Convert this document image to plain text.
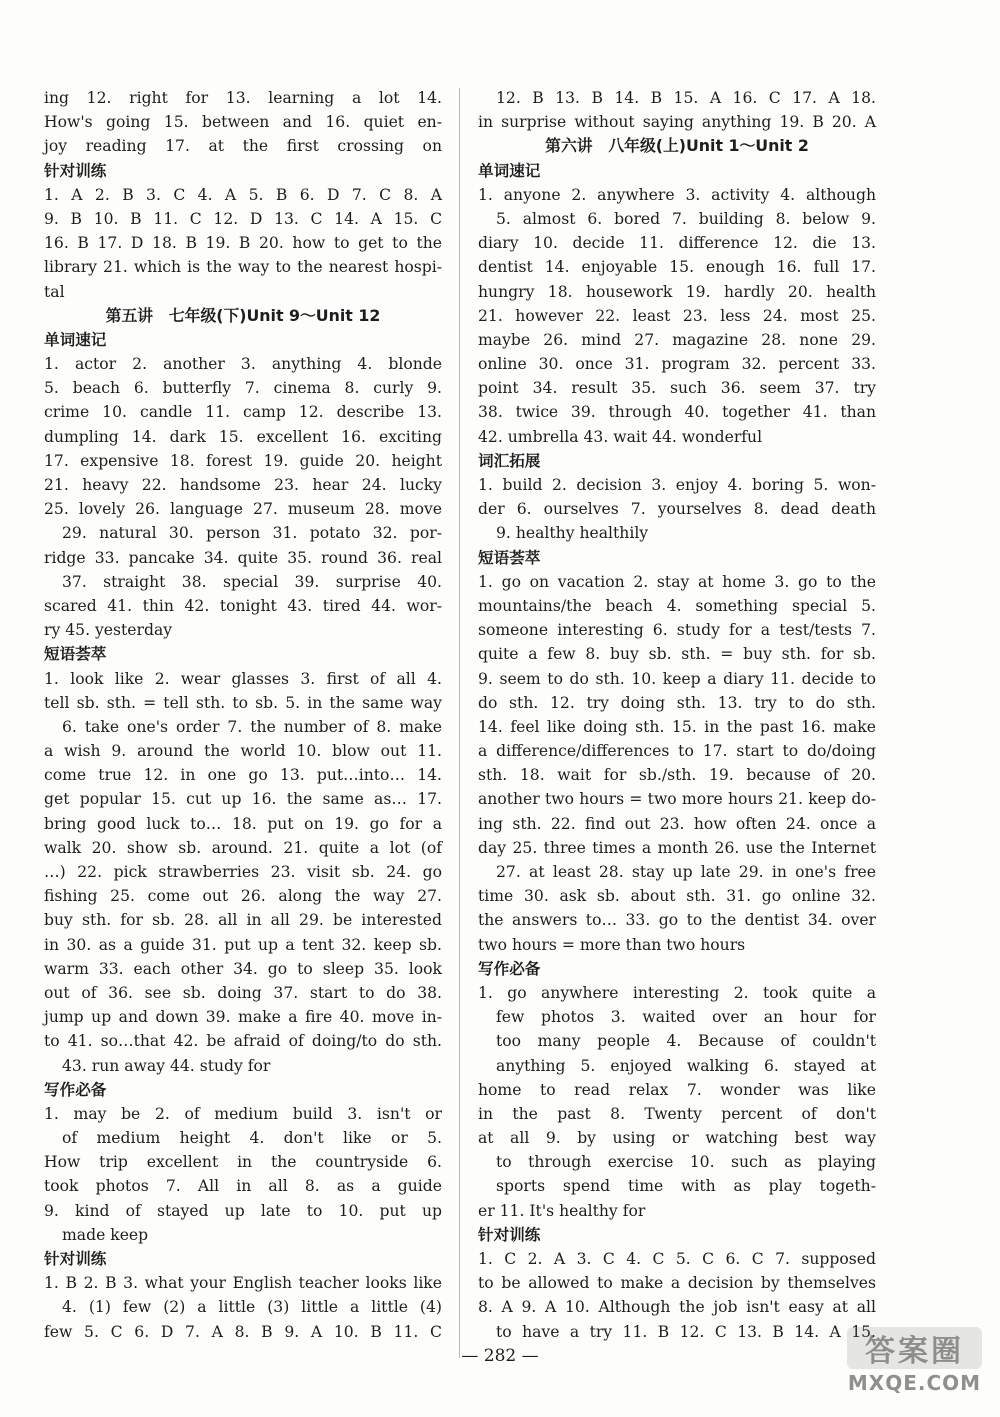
ing 12. right for 13. learning a lot 14.
How's going 15. between and 16. quiet en-
joy reading 17. at the first crossing on
针对训练
1. A 2. B 3. C 4. A 5. B 6. D 7. C 8. A
9. B 10. B 11. C 12. D 13. C 14. A 15. C
16. B 17. D 18. B 19. B 20. how to get to the
library 21. which is the way to the nearest hospi-
tal
第五讲　七年级(下)Unit 9～Unit 12
单词速记
1. actor 2. another 3. anything 4. blonde
5. beach 6. butterfly 7. cinema 8. curly 9.
crime 10. candle 11. camp 12. describe 13.
dumpling 14. dark 15. excellent 16. exciting
17. expensive 18. forest 19. guide 20. height
21. heavy 22. handsome 23. hear 24. lucky
25. lovely 26. language 27. museum 28. move
29. natural 30. person 31. potato 32. por-
ridge 33. pancake 34. quite 35. round 36. real
37. straight 38. special 39. surprise 40.
scared 41. thin 42. tonight 43. tired 44. wor-
ry 45. yesterday
短语荟萃
1. look like 2. wear glasses 3. first of all 4.
tell sb. sth. = tell sth. to sb. 5. in the same way
6. take one's order 7. the number of 8. make
a wish 9. around the world 10. blow out 11.
come true 12. in one go 13. put…into… 14.
get popular 15. cut up 16. the same as… 17.
bring good luck to… 18. put on 19. go for a
walk 20. show sb. around. 21. quite a lot (of
…) 22. pick strawberries 23. visit sb. 24. go
fishing 25. come out 26. along the way 27.
buy sth. for sb. 28. all in all 29. be interested
in 30. as a guide 31. put up a tent 32. keep sb.
warm 33. each other 34. go to sleep 35. look
out of 36. see sb. doing 37. start to do 38.
jump up and down 39. make a fire 40. move in-
to 41. so…that 42. be afraid of doing/to do sth.
43. run away 44. study for
写作必备
1. may be 2. of medium build 3. isn't or
of medium height 4. don't like or 5.
How trip excellent in the countryside 6.
took photos 7. All in all 8. as a guide
9. kind of stayed up late to 10. put up
made keep
针对训练
1. B 2. B 3. what your English teacher looks like
4. (1) few (2) a little (3) little a little (4)
few 5. C 6. D 7. A 8. B 9. A 10. B 11. C
12. B 13. B 14. B 15. A 16. C 17. A 18.
in surprise without saying anything 19. B 20. A
第六讲　八年级(上)Unit 1～Unit 2
单词速记
1. anyone 2. anywhere 3. activity 4. although
5. almost 6. bored 7. building 8. below 9.
diary 10. decide 11. difference 12. die 13.
dentist 14. enjoyable 15. enough 16. full 17.
hungry 18. housework 19. hardly 20. health
21. however 22. least 23. less 24. most 25.
maybe 26. mind 27. magazine 28. none 29.
online 30. once 31. program 32. percent 33.
point 34. result 35. such 36. seem 37. try
38. twice 39. through 40. together 41. than
42. umbrella 43. wait 44. wonderful
词汇拓展
1. build 2. decision 3. enjoy 4. boring 5. won-
der 6. ourselves 7. yourselves 8. dead death
9. healthy healthily
短语荟萃
1. go on vacation 2. stay at home 3. go to the
mountains/the beach 4. something special 5.
someone interesting 6. study for a test/tests 7.
quite a few 8. buy sb. sth. = buy sth. for sb.
9. seem to do sth. 10. keep a diary 11. decide to
do sth. 12. try doing sth. 13. try to do sth.
14. feel like doing sth. 15. in the past 16. make
a difference/differences to 17. start to do/doing
sth. 18. wait for sb./sth. 19. because of 20.
another two hours = two more hours 21. keep do-
ing sth. 22. find out 23. how often 24. once a
day 25. three times a month 26. use the Internet
27. at least 28. stay up late 29. in one's free
time 30. ask sb. about sth. 31. go online 32.
the answers to… 33. go to the dentist 34. over
two hours = more than two hours
写作必备
1. go anywhere interesting 2. took quite a
few photos 3. waited over an hour for
too many people 4. Because of couldn't
anything 5. enjoyed walking 6. stayed at
home to read relax 7. wonder was like
in the past 8. Twenty percent of don't
at all 9. by using or watching best way
to through exercise 10. such as playing
sports spend time with as play togeth-
er 11. It's healthy for
针对训练
1. C 2. A 3. C 4. C 5. C 6. C 7. supposed
to be allowed to make a decision by themselves
8. A 9. A 10. Although the job isn't easy at all
to have a try 11. B 12. C 13. B 14. A 15.
— 282 —	答案圈
MXQE.COM
